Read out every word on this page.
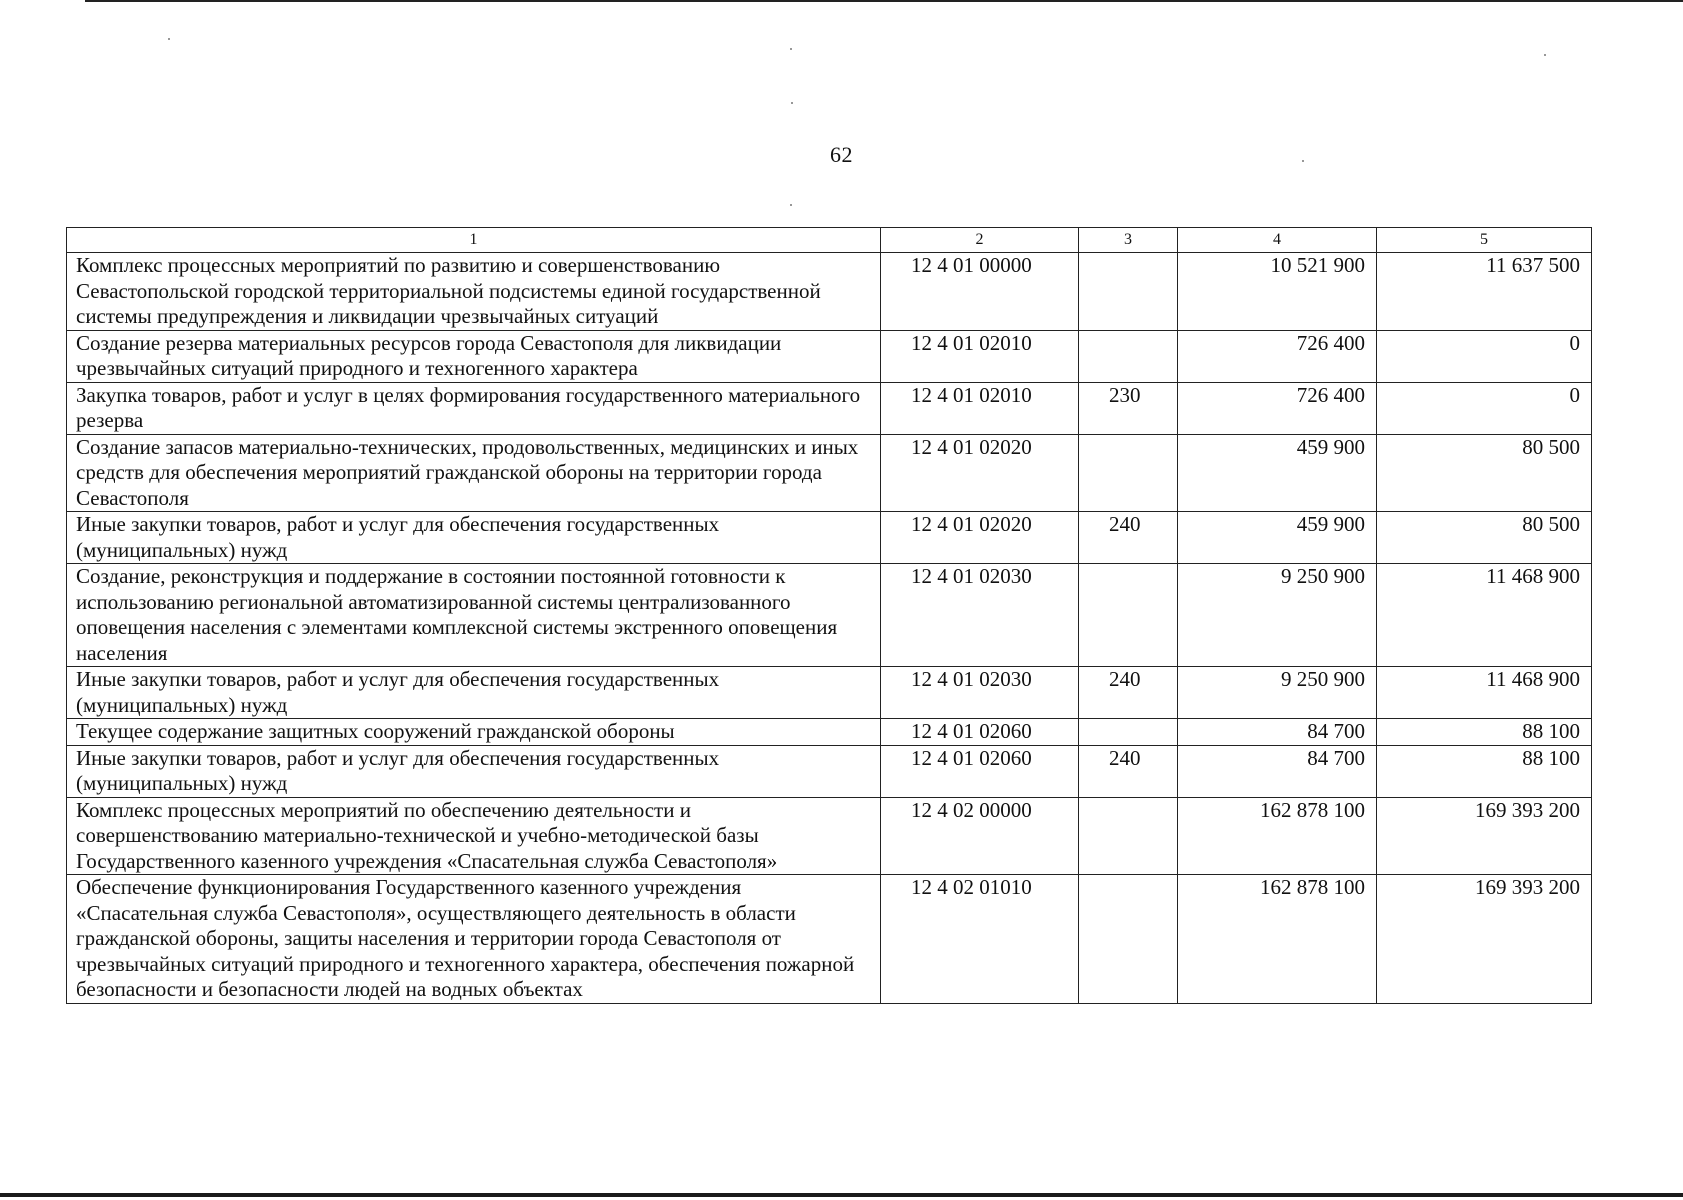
62
1	2	3	4	5
Комплекс процессных мероприятий по развитию и совершенствованию Севастопольской городской территориальной подсистемы единой государственной системы предупреждения и ликвидации чрезвычайных ситуаций	12 4 01 00000		10 521 900	11 637 500
Создание резерва материальных ресурсов города Севастополя для ликвидации чрезвычайных ситуаций природного и техногенного характера	12 4 01 02010		726 400	0
Закупка товаров, работ и услуг в целях формирования государственного материального резерва	12 4 01 02010	230	726 400	0
Создание запасов материально-технических, продовольственных, медицинских и иных средств для обеспечения мероприятий гражданской обороны на территории города Севастополя	12 4 01 02020		459 900	80 500
Иные закупки товаров, работ и услуг для обеспечения государственных (муниципальных) нужд	12 4 01 02020	240	459 900	80 500
Создание, реконструкция и поддержание в состоянии постоянной готовности к использованию региональной автоматизированной системы централизованного оповещения населения с элементами комплексной системы экстренного оповещения населения	12 4 01 02030		9 250 900	11 468 900
Иные закупки товаров, работ и услуг для обеспечения государственных (муниципальных) нужд	12 4 01 02030	240	9 250 900	11 468 900
Текущее содержание защитных сооружений гражданской обороны	12 4 01 02060		84 700	88 100
Иные закупки товаров, работ и услуг для обеспечения государственных (муниципальных) нужд	12 4 01 02060	240	84 700	88 100
Комплекс процессных мероприятий по обеспечению деятельности и совершенствованию материально-технической и учебно-методической базы Государственного казенного учреждения «Спасательная служба Севастополя»	12 4 02 00000		162 878 100	169 393 200
Обеспечение функционирования Государственного казенного учреждения «Спасательная служба Севастополя», осуществляющего деятельность в области гражданской обороны, защиты населения и территории города Севастополя от чрезвычайных ситуаций природного и техногенного характера, обеспечения пожарной безопасности и безопасности людей на водных объектах	12 4 02 01010		162 878 100	169 393 200
